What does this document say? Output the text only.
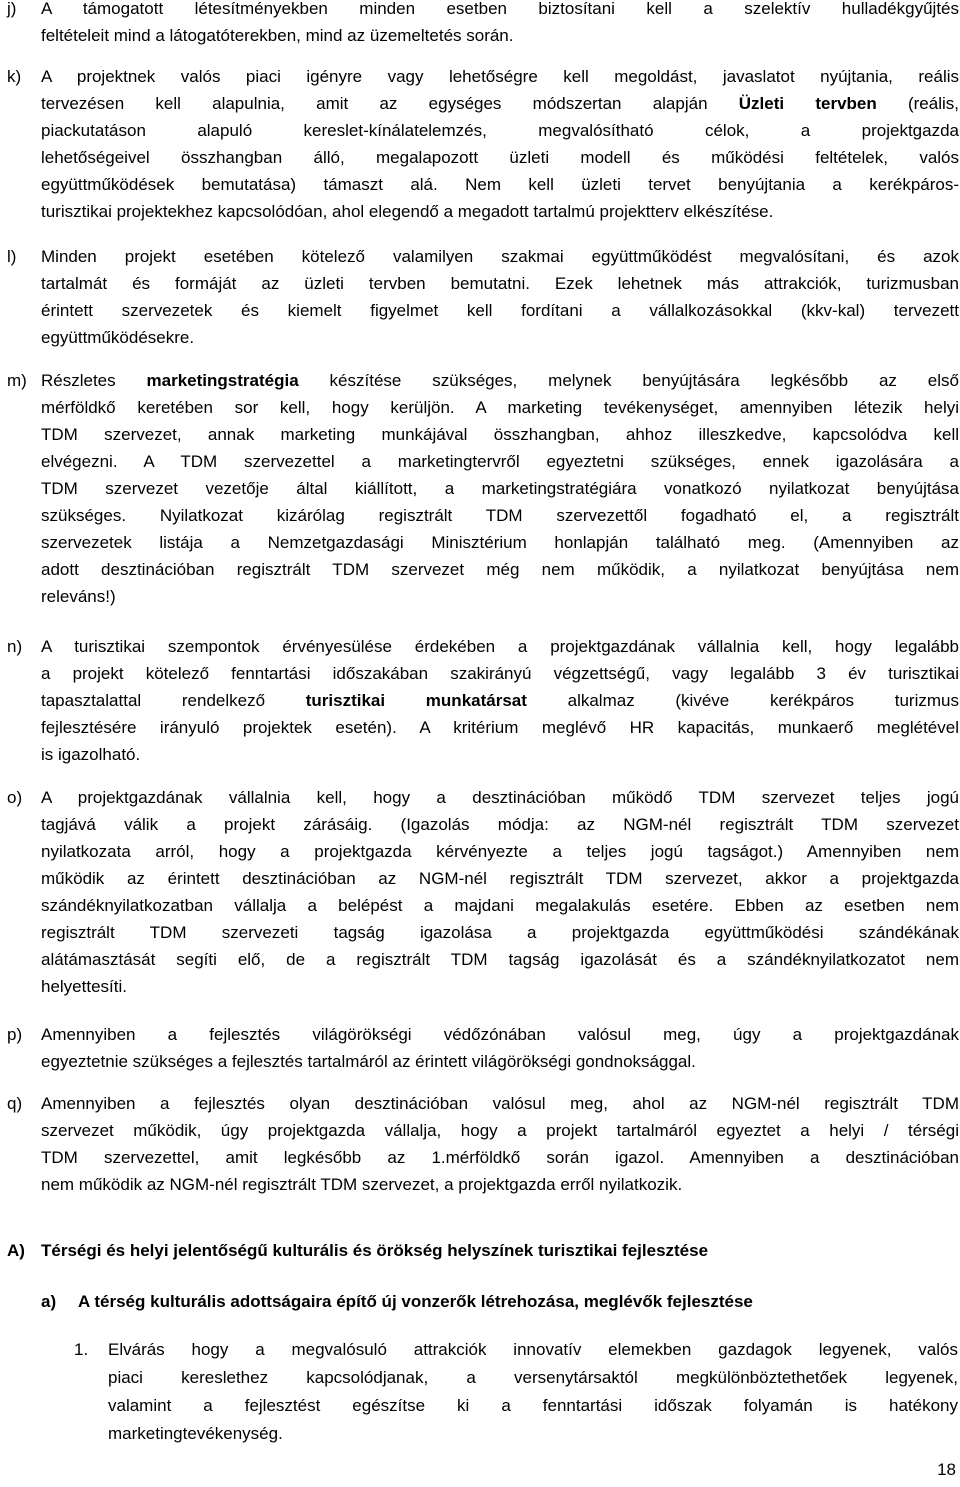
j) A támogatott létesítményekben minden esetben biztosítani kell a szelektív hulladékgyűjtés
feltételeit mind a látogatóterekben, mind az üzemeltetés során.
k) A projektnek valós piaci igényre vagy lehetőségre kell megoldást, javaslatot nyújtania, reális
tervezésen kell alapulnia, amit az egységes módszertan alapján Üzleti tervben (reális,
piackutatáson alapuló kereslet-kínálatelemzés, megvalósítható célok, a projektgazda
lehetőségeivel összhangban álló, megalapozott üzleti modell és működési feltételek, valós
együttműködések bemutatása) támaszt alá. Nem kell üzleti tervet benyújtania a kerékpáros-
turisztikai projektekhez kapcsolódóan, ahol elegendő a megadott tartalmú projektterv elkészítése.
l) Minden projekt esetében kötelező valamilyen szakmai együttműködést megvalósítani, és azok
tartalmát és formáját az üzleti tervben bemutatni. Ezek lehetnek más attrakciók, turizmusban
érintett szervezetek és kiemelt figyelmet kell fordítani a vállalkozásokkal (kkv-kal) tervezett
együttműködésekre.
m) Részletes marketingstratégia készítése szükséges, melynek benyújtására legkésőbb az első
mérföldkő keretében sor kell, hogy kerüljön. A marketing tevékenységet, amennyiben létezik helyi
TDM szervezet, annak marketing munkájával összhangban, ahhoz illeszkedve, kapcsolódva kell
elvégezni. A TDM szervezettel a marketingtervről egyeztetni szükséges, ennek igazolására a
TDM szervezet vezetője által kiállított, a marketingstratégiára vonatkozó nyilatkozat benyújtása
szükséges. Nyilatkozat kizárólag regisztrált TDM szervezettől fogadható el, a regisztrált
szervezetek listája a Nemzetgazdasági Minisztérium honlapján található meg. (Amennyiben az
adott desztinációban regisztrált TDM szervezet még nem működik, a nyilatkozat benyújtása nem
releváns!)
n) A turisztikai szempontok érvényesülése érdekében a projektgazdának vállalnia kell, hogy legalább
a projekt kötelező fenntartási időszakában szakirányú végzettségű, vagy legalább 3 év turisztikai
tapasztalattal rendelkező turisztikai munkatársat alkalmaz (kivéve kerékpáros turizmus
fejlesztésére irányuló projektek esetén). A kritérium meglévő HR kapacitás, munkaerő meglétével
is igazolható.
o) A projektgazdának vállalnia kell, hogy a desztinációban működő TDM szervezet teljes jogú
tagjává válik a projekt zárásáig. (Igazolás módja: az NGM-nél regisztrált TDM szervezet
nyilatkozata arról, hogy a projektgazda kérvényezte a teljes jogú tagságot.) Amennyiben nem
működik az érintett desztinációban az NGM-nél regisztrált TDM szervezet, akkor a projektgazda
szándéknyilatkozatban vállalja a belépést a majdani megalakulás esetére. Ebben az esetben nem
regisztrált TDM szervezeti tagság igazolása a projektgazda együttműködési szándékának
alátámasztását segíti elő, de a regisztrált TDM tagság igazolását és a szándéknyilatkozatot nem
helyettesíti.
p) Amennyiben a fejlesztés világörökségi védőzónában valósul meg, úgy a projektgazdának
egyeztetnie szükséges a fejlesztés tartalmáról az érintett világörökségi gondnoksággal.
q) Amennyiben a fejlesztés olyan desztinációban valósul meg, ahol az NGM-nél regisztrált TDM
szervezet működik, úgy projektgazda vállalja, hogy a projekt tartalmáról egyeztet a helyi / térségi
TDM szervezettel, amit legkésőbb az 1.mérföldkő során igazol. Amennyiben a desztinációban
nem működik az NGM-nél regisztrált TDM szervezet, a projektgazda erről nyilatkozik.
A) Térségi és helyi jelentőségű kulturális és örökség helyszínek turisztikai fejlesztése
a) A térség kulturális adottságaira építő új vonzerők létrehozása, meglévők fejlesztése
1. Elvárás hogy a megvalósuló attrakciók innovatív elemekben gazdagok legyenek, valós
piaci kereslethez kapcsolódjanak, a versenytársaktól megkülönböztethetőek legyenek,
valamint a fejlesztést egészítse ki a fenntartási időszak folyamán is hatékony
marketingtevékenység.
18
